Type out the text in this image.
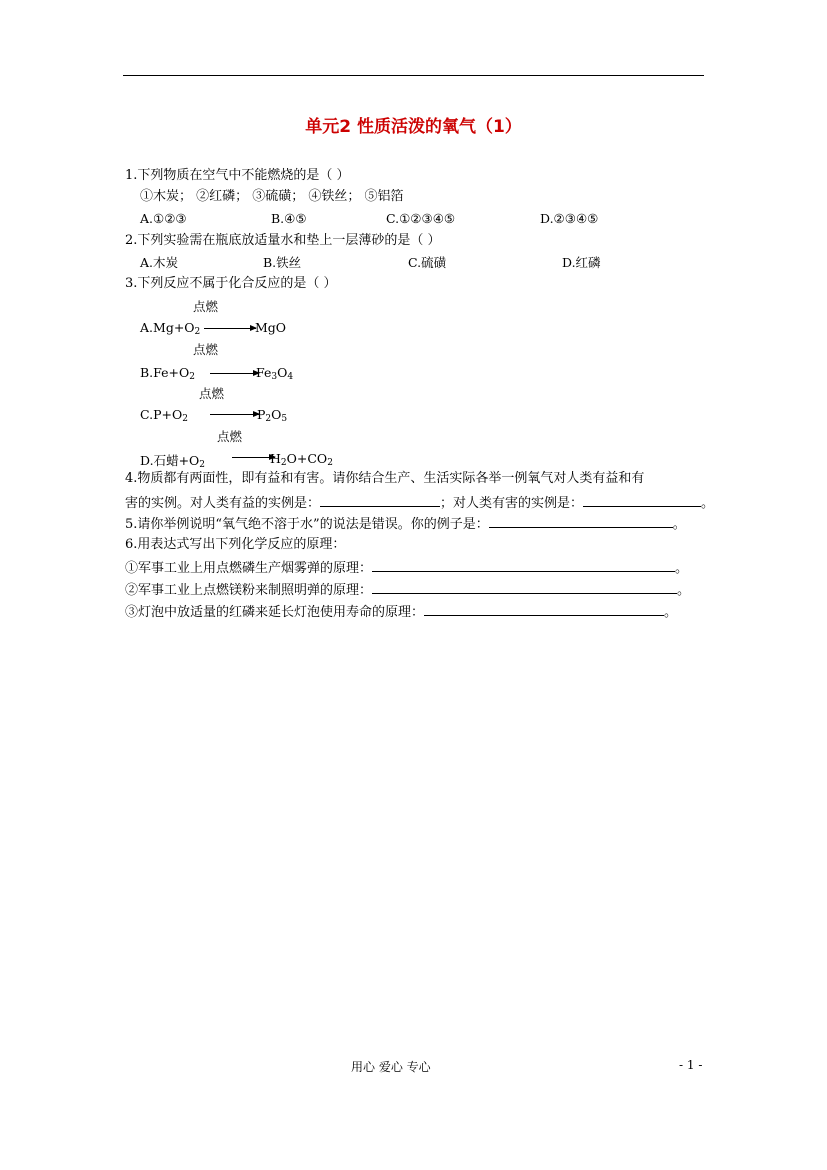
单元2 性质活泼的氧气（1）
1.下列物质在空气中不能燃烧的是（ ）
①木炭； ②红磷； ③硫磺； ④铁丝； ⑤铝箔
A.①②③	B.④⑤	C.①②③④⑤	D.②③④⑤
2.下列实验需在瓶底放适量水和垫上一层薄砂的是（ ）
A.木炭	B.铁丝	C.硫磺	D.红磷
3.下列反应不属于化合反应的是（ ）
点燃
$A.Mg+O_2$ → MgO
点燃
$B.Fe+O_2$ →
$Fe_3O_4$
点燃
$C.P+O_2$ →
$P_2O_5$
点燃
D.石蜡$+O_2$	$H_2O+CO_2$
4.物质都有两面性，即有益和有害。请你结合生产、生活实际各举一例氧气对人类有益和有
害的实例。对人类有益的实例是：	；对人类有害的实例是：	。
5.请你举例说明“氧气绝不溶于水”的说法是错误。你的例子是：	。
6.用表达式写出下列化学反应的原理：
①军事工业上用点燃磷生产烟雾弹的原理：	。
②军事工业上点燃镁粉来制照明弹的原理：	。
③灯泡中放适量的红磷来延长灯泡使用寿命的原理：	。
用心 爱心 专心	- 1 -
